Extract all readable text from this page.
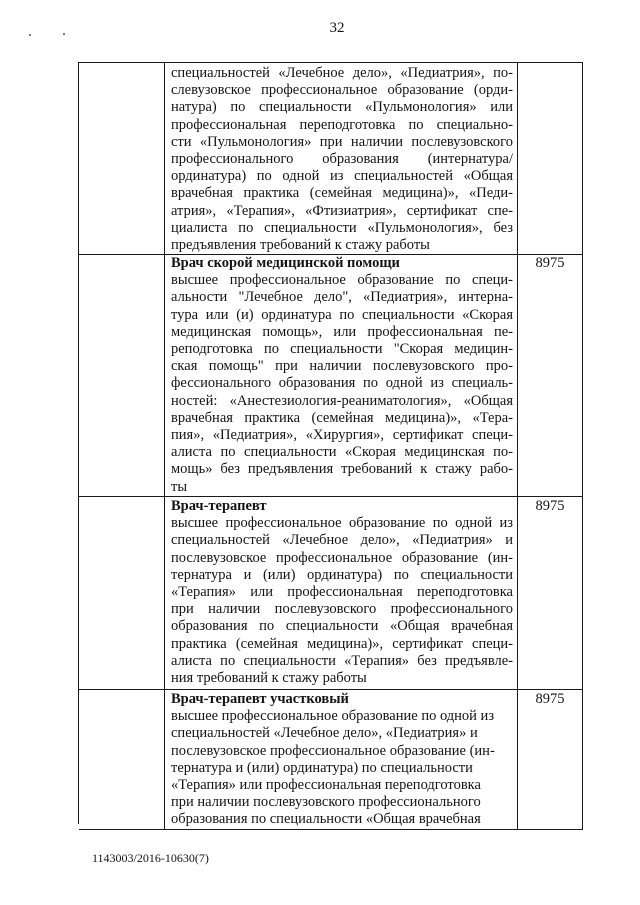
32
специальностей «Лечебное дело», «Педиатрия», по-
слевузовское профессиональное образование (орди-
натура) по специальности «Пульмонология» или
профессиональная переподготовка по специально-
сти «Пульмонология» при наличии послевузовского
профессионального образования (интернатура/
ординатура) по одной из специальностей «Общая
врачебная практика (семейная медицина)», «Педи-
атрия», «Терапия», «Фтизиатрия», сертификат спе-
циалиста по специальности «Пульмонология», без
предъявления требований к стажу работы
Врач скорой медицинской помощи
высшее профессиональное образование по специ-
альности "Лечебное дело", «Педиатрия», интерна-
тура или (и) ординатура по специальности «Скорая
медицинская помощь», или профессиональная пе-
реподготовка по специальности "Скорая медицин-
ская помощь" при наличии послевузовского про-
фессионального образования по одной из специаль-
ностей: «Анестезиология-реаниматология», «Общая
врачебная практика (семейная медицина)», «Тера-
пия», «Педиатрия», «Хирургия», сертификат специ-
алиста по специальности «Скорая медицинская по-
мощь» без предъявления требований к стажу рабо-
ты
8975
Врач-терапевт
высшее профессиональное образование по одной из
специальностей «Лечебное дело», «Педиатрия» и
послевузовское профессиональное образование (ин-
тернатура и (или) ординатура) по специальности
«Терапия» или профессиональная переподготовка
при наличии послевузовского профессионального
образования по специальности «Общая врачебная
практика (семейная медицина)», сертификат специ-
алиста по специальности «Терапия» без предъявле-
ния требований к стажу работы
8975
Врач-терапевт участковый
высшее профессиональное образование по одной из
специальностей «Лечебное дело», «Педиатрия» и
послевузовское профессиональное образование (ин-
тернатура и (или) ординатура) по специальности
«Терапия» или профессиональная переподготовка
при наличии послевузовского профессионального
образования по специальности «Общая врачебная
8975
1143003/2016-10630(7)
